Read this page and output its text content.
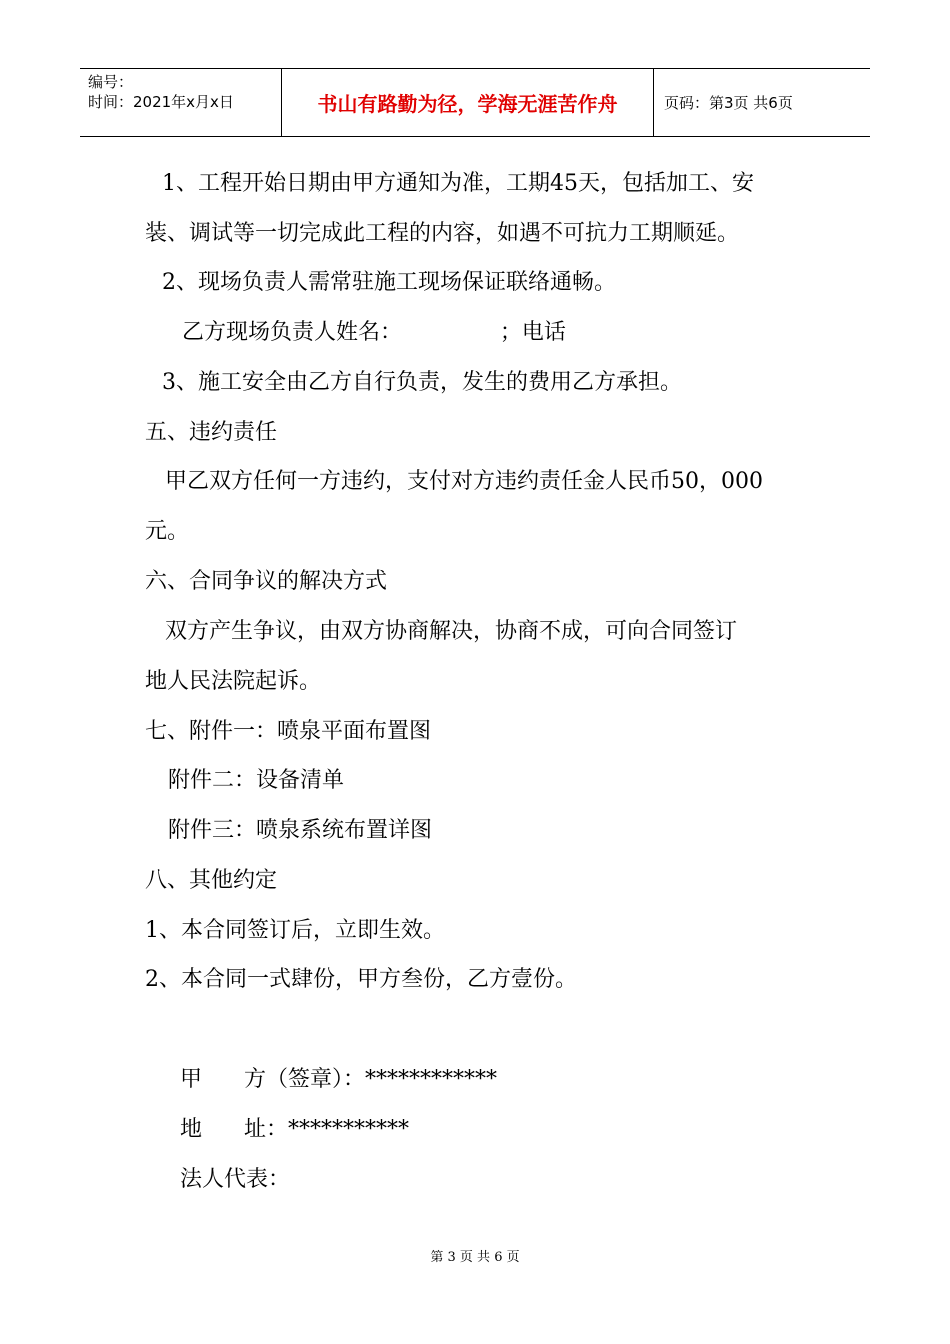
编号：
时间：2021年x月x日	书山有路勤为径，学海无涯苦作舟	页码：第3页 共6页
1、工程开始日期由甲方通知为准，工期45天，包括加工、安
装、调试等一切完成此工程的内容，如遇不可抗力工期顺延。
2、现场负责人需常驻施工现场保证联络通畅。
乙方现场负责人姓名：              ；电话
3、施工安全由乙方自行负责，发生的费用乙方承担。
五、违约责任
甲乙双方任何一方违约，支付对方违约责任金人民币50，000
元。
六、合同争议的解决方式
双方产生争议，由双方协商解决，协商不成，可向合同签订
地人民法院起诉。
七、附件一：喷泉平面布置图
附件二：设备清单
附件三：喷泉系统布置详图
八、其他约定
1、本合同签订后，立即生效。
2、本合同一式肆份，甲方叁份，乙方壹份。
甲      方（签章）：************
地      址：***********
法人代表：
第 3 页 共 6 页
